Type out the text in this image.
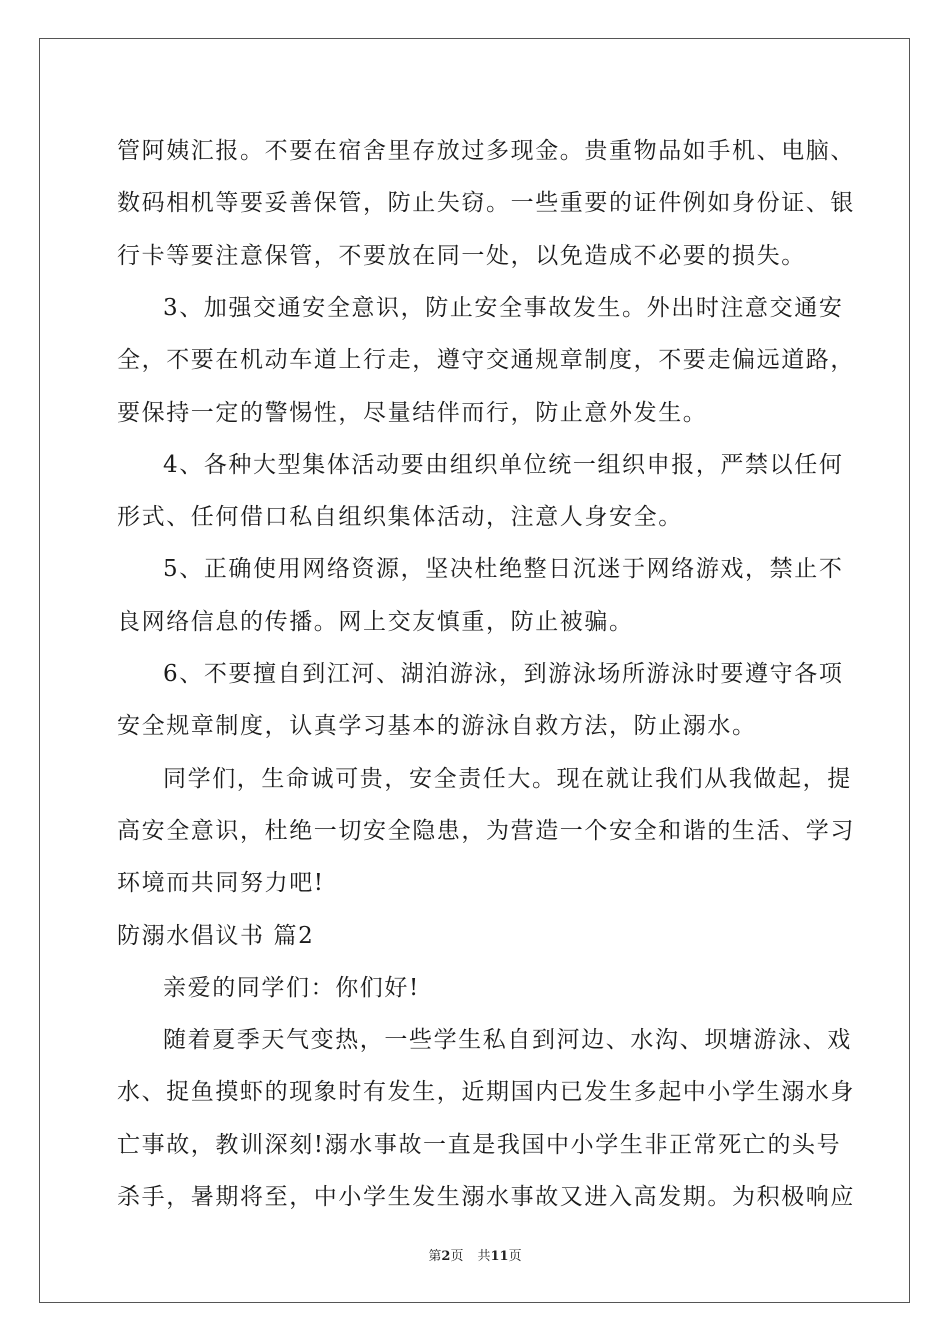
管阿姨汇报。不要在宿舍里存放过多现金。贵重物品如手机、电脑、
数码相机等要妥善保管，防止失窃。一些重要的证件例如身份证、银
行卡等要注意保管，不要放在同一处，以免造成不必要的损失。
3、加强交通安全意识，防止安全事故发生。外出时注意交通安
全，不要在机动车道上行走，遵守交通规章制度，不要走偏远道路，
要保持一定的警惕性，尽量结伴而行，防止意外发生。
4、各种大型集体活动要由组织单位统一组织申报，严禁以任何
形式、任何借口私自组织集体活动，注意人身安全。
5、正确使用网络资源，坚决杜绝整日沉迷于网络游戏，禁止不
良网络信息的传播。网上交友慎重，防止被骗。
6、不要擅自到江河、湖泊游泳，到游泳场所游泳时要遵守各项
安全规章制度，认真学习基本的游泳自救方法，防止溺水。
同学们，生命诚可贵，安全责任大。现在就让我们从我做起，提
高安全意识，杜绝一切安全隐患，为营造一个安全和谐的生活、学习
环境而共同努力吧!
防溺水倡议书 篇2
亲爱的同学们：你们好!
随着夏季天气变热，一些学生私自到河边、水沟、坝塘游泳、戏
水、捉鱼摸虾的现象时有发生，近期国内已发生多起中小学生溺水身
亡事故，教训深刻!溺水事故一直是我国中小学生非正常死亡的头号
杀手，暑期将至，中小学生发生溺水事故又进入高发期。为积极响应
第2页 共11页
